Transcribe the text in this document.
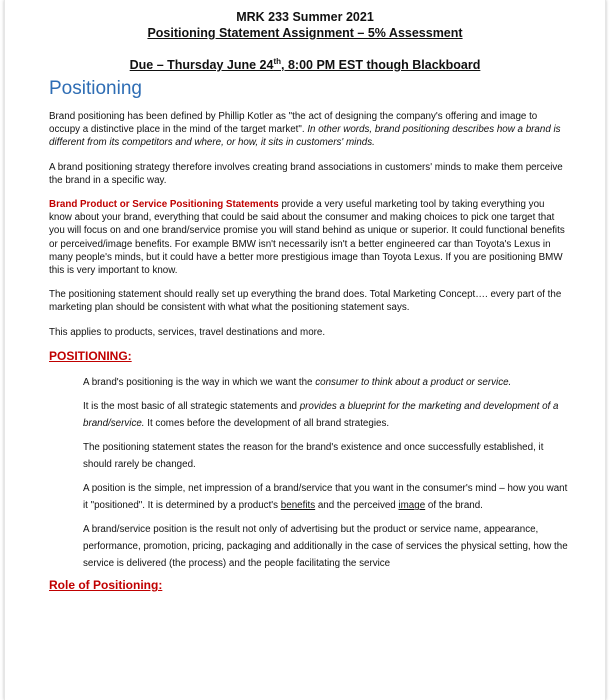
MRK 233 Summer 2021
Positioning Statement Assignment – 5% Assessment
Due – Thursday June 24th, 8:00 PM EST though Blackboard
Positioning

Brand positioning has been defined by Phillip Kotler as "the act of designing the company's offering and image to occupy a distinctive place in the mind of the target market". In other words, brand positioning describes how a brand is different from its competitors and where, or how, it sits in customers' minds.

A brand positioning strategy therefore involves creating brand associations in customers' minds to make them perceive the brand in a specific way.

Brand Product or Service Positioning Statements provide a very useful marketing tool by taking everything you know about your brand, everything that could be said about the consumer and making choices to pick one target that you will focus on and one brand/service promise you will stand behind as unique or superior. It could functional benefits or perceived/image benefits. For example BMW isn't necessarily isn't a better engineered car than Toyota's Lexus in many people's minds, but it could have a better more prestigious image than Toyota Lexus. If you are positioning BMW this is very important to know.

The positioning statement should really set up everything the brand does. Total Marketing Concept…. every part of the marketing plan should be consistent with what what the positioning statement says.

This applies to products, services, travel destinations and more.

POSITIONING:

A brand's positioning is the way in which we want the consumer to think about a product or service.

It is the most basic of all strategic statements and provides a blueprint for the marketing and development of a brand/service. It comes before the development of all brand strategies.

The positioning statement states the reason for the brand's existence and once successfully established, it should rarely be changed.

A position is the simple, net impression of a brand/service that you want in the consumer's mind – how you want it "positioned". It is determined by a product's benefits and the perceived image of the brand.

A brand/service position is the result not only of advertising but the product or service name, appearance, performance, promotion, pricing, packaging and additionally in the case of services the physical setting, how the service is delivered (the process) and the people facilitating the service

Role of Positioning:
